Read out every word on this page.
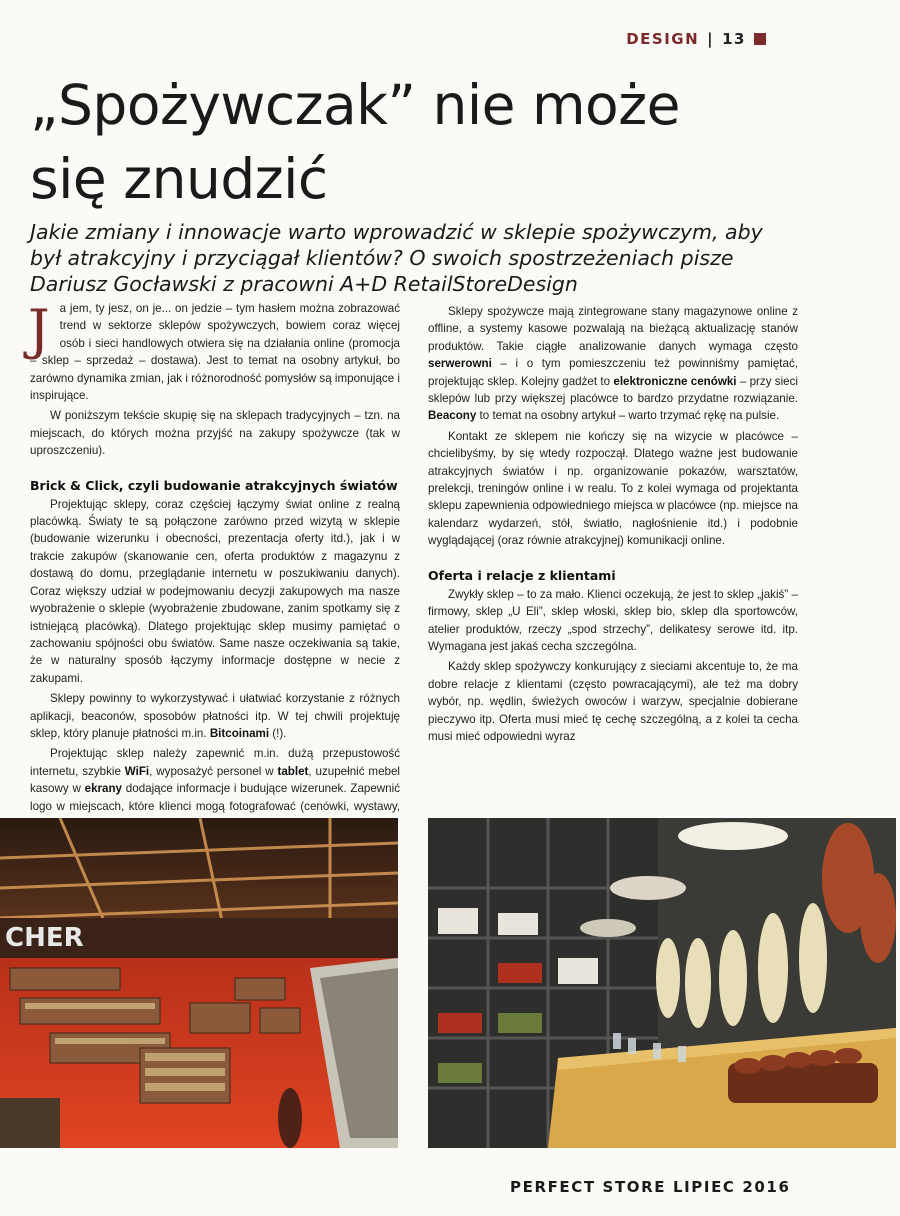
DESIGN | 13
„Spożywczak” nie może
się znudzić

Jakie zmiany i innowacje warto wprowadzić w sklepie spożywczym, aby był atrakcyjny i przyciągał klientów? O swoich spostrzeżeniach pisze Dariusz Gocławski z pracowni A+D RetailStoreDesign

Ja jem, ty jesz, on je... on jedzie – tym hasłem można zobrazować trend w sektorze sklepów spożywczych, bowiem coraz więcej osób i sieci handlowych otwiera się na działania online (promocja – sklep – sprzedaż – dostawa). Jest to temat na osobny artykuł, bo zarówno dynamika zmian, jak i różnorodność pomysłów są imponujące i inspirujące.

W poniższym tekście skupię się na sklepach tradycyjnych – tzn. na miejscach, do których można przyjść na zakupy spożywcze (tak w uproszczeniu).

Brick & Click, czyli budowanie atrakcyjnych światów

Projektując sklepy, coraz częściej łączymy świat online z realną placówką. Światy te są połączone zarówno przed wizytą w sklepie (budowanie wizerunku i obecności, prezentacja oferty itd.), jak i w trakcie zakupów (skanowanie cen, oferta produktów z magazynu z dostawą do domu, przeglądanie internetu w poszukiwaniu danych). Coraz większy udział w podejmowaniu decyzji zakupowych ma nasze wyobrażenie o sklepie (wyobrażenie zbudowane, zanim spotkamy się z istniejącą placówką). Dlatego projektując sklep musimy pamiętać o zachowaniu spójności obu światów. Same nasze oczekiwania są takie, że w naturalny sposób łączymy informacje dostępne w necie z zakupami.

Sklepy powinny to wykorzystywać i ułatwiać korzystanie z różnych aplikacji, beaconów, sposobów płatności itp. W tej chwili projektuję sklep, który planuje płatności m.in. Bitcoinami (!).

Projektując sklep należy zapewnić m.in. dużą przepustowość internetu, szybkie WiFi, wyposażyć personel w tablet, uzupełnić mebel kasowy w ekrany dodające informacje i budujące wizerunek. Zapewnić logo w miejscach, które klienci mogą fotografować (cenówki, wystawy,

Sklepy spożywcze mają zintegrowane stany magazynowe online z offline, a systemy kasowe pozwalają na bieżącą aktualizację stanów produktów. Takie ciągłe analizowanie danych wymaga często serwerowni – i o tym pomieszczeniu też powinniśmy pamiętać, projektując sklep. Kolejny gadżet to elektroniczne cenówki – przy sieci sklepów lub przy większej placówce to bardzo przydatne rozwiązanie. Beacony to temat na osobny artykuł – warto trzymać rękę na pulsie.

Kontakt ze sklepem nie kończy się na wizycie w placówce – chcielibyśmy, by się wtedy rozpoczął. Dlatego ważne jest budowanie atrakcyjnych światów i np. organizowanie pokazów, warsztatów, prelekcji, treningów online i w realu. To z kolei wymaga od projektanta sklepu zapewnienia odpowiedniego miejsca w placówce (np. miejsce na kalendarz wydarzeń, stół, światło, nagłośnienie itd.) i podobnie wyglądającej (oraz równie atrakcyjnej) komunikacji online.

Oferta i relacje z klientami

Zwykły sklep – to za mało. Klienci oczekują, że jest to sklep „jakiś” – firmowy, sklep „U Eli”, sklep włoski, sklep bio, sklep dla sportowców, atelier produktów, rzeczy „spod strzechy”, delikatesy serowe itd. itp. Wymagana jest jakaś cecha szczególna.

Każdy sklep spożywczy konkurujący z sieciami akcentuje to, że ma dobre relacje z klientami (często powracającymi), ale też ma dobry wybór, np. wędlin, świeżych owoców i warzyw, specjalnie dobierane pieczywo itp. Oferta musi mieć tę cechę szczególną, a z kolei ta cecha musi mieć odpowiedni wyraz

CHER
PERFECT STORE LIPIEC 2016
